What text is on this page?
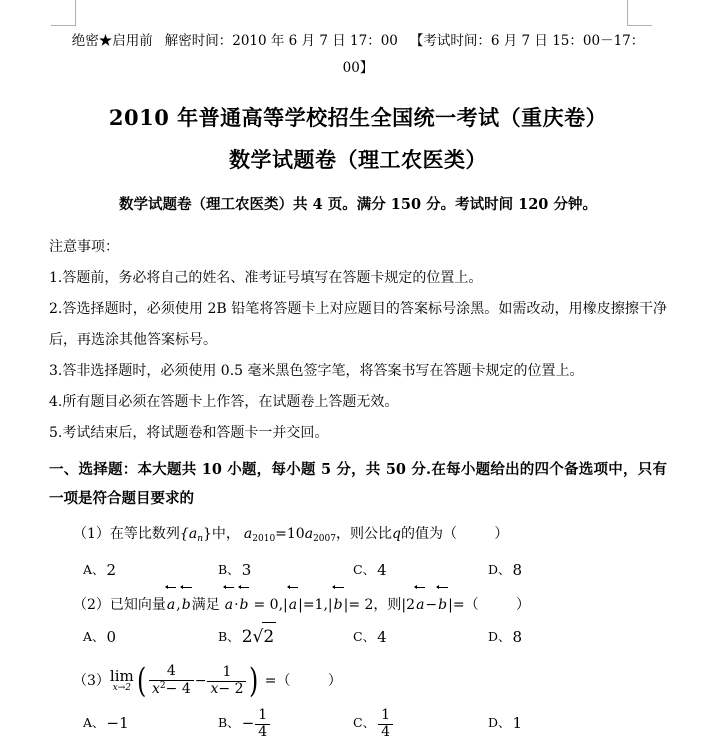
绝密★启用前 解密时间：2010 年 6 月 7 日 17：00 【考试时间：6 月 7 日 15：00－17：
00】
2010 年普通高等学校招生全国统一考试（重庆卷）
数学试题卷（理工农医类）
数学试题卷（理工农医类）共 4 页。满分 150 分。考试时间 120 分钟。
注意事项：
1.答题前，务必将自己的姓名、准考证号填写在答题卡规定的位置上。
2.答选择题时，必须使用 2B 铅笔将答题卡上对应题目的答案标号涂黑。如需改动，用橡皮擦擦干净后，再选涂其他答案标号。
3.答非选择题时，必须使用 0.5 毫米黑色签字笔，将答案书写在答题卡规定的位置上。
4.所有题目必须在答题卡上作答，在试题卷上答题无效。
5.考试结束后，将试题卷和答题卡一并交回。
一、选择题：本大题共 10 小题，每小题 5 分，共 50 分.在每小题给出的四个备选项中，只有一项是符合题目要求的
（1）在等比数列$\{a_n\}$中， $a_{2010}=10a_{2007}$，则公比q的值为（	）
A、 2	B、 3	C、 4	D、 8
（2）已知向量a,b满足 a·b = 0,|a|=1,|b|= 2，则|2a−b|=（	）
A、 0	B、 2√2	C、 4	D、 8
（3） lim
x→2 ( $\frac{4}{x^2- 4} - \frac{1}{x- 2}$ ) =（	）
A、 −1	B、 − $\frac{1}{4}$	C、 $\frac{1}{4}$	D、 1
